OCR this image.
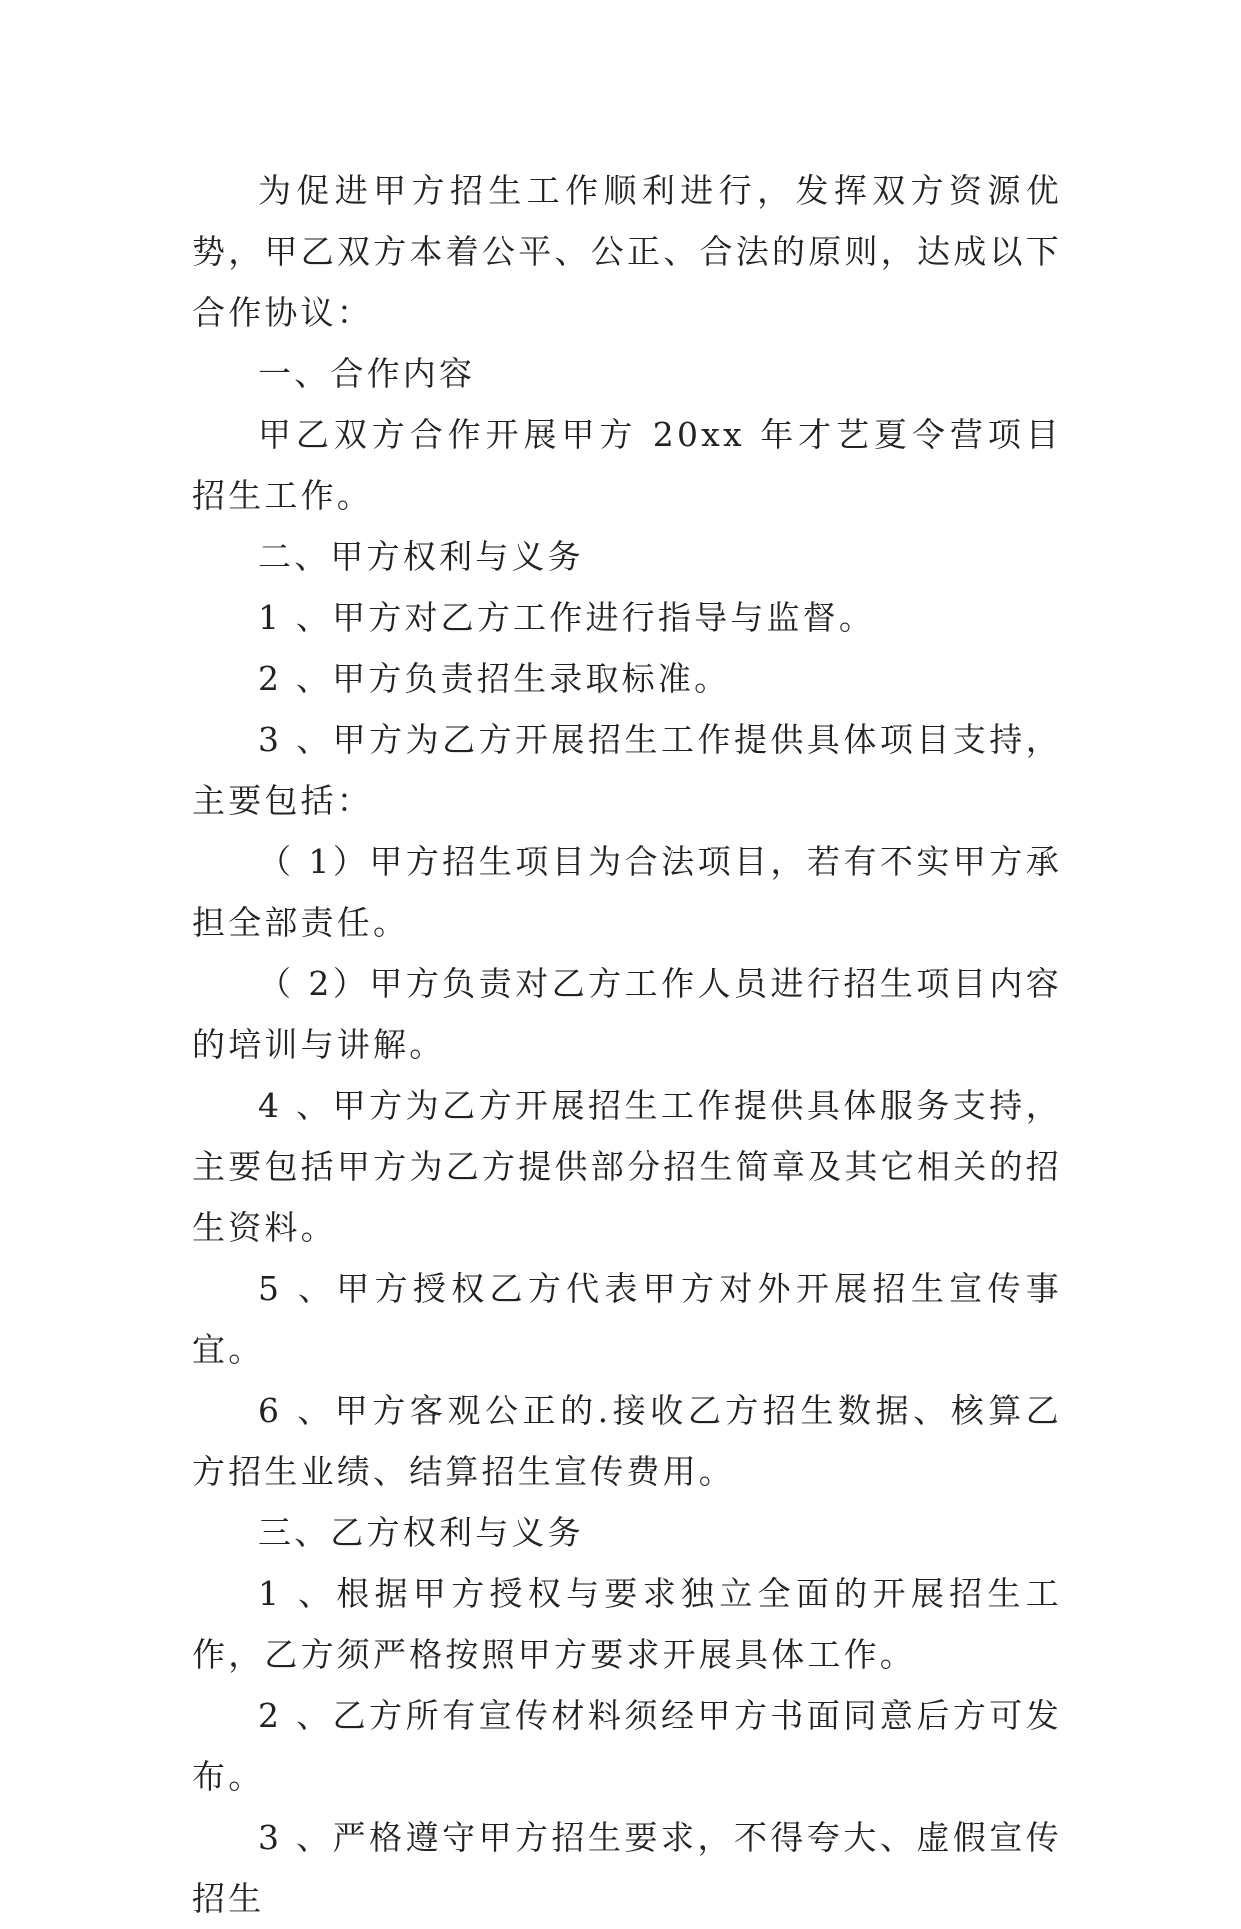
为促进甲方招生工作顺利进行，发挥双方资源优势，甲乙双方本着公平、公正、合法的原则，达成以下合作协议：

一、合作内容

甲乙双方合作开展甲方 20xx 年才艺夏令营项目招生工作。

二、甲方权利与义务

1 、甲方对乙方工作进行指导与监督。

2 、甲方负责招生录取标准。

3 、甲方为乙方开展招生工作提供具体项目支持，主要包括：

（ 1）甲方招生项目为合法项目，若有不实甲方承担全部责任。

（ 2）甲方负责对乙方工作人员进行招生项目内容的培训与讲解。

4 、甲方为乙方开展招生工作提供具体服务支持，主要包括甲方为乙方提供部分招生简章及其它相关的招生资料。

5 、甲方授权乙方代表甲方对外开展招生宣传事宜。

6 、甲方客观公正的.接收乙方招生数据、核算乙方招生业绩、结算招生宣传费用。

三、乙方权利与义务

1 、根据甲方授权与要求独立全面的开展招生工作，乙方须严格按照甲方要求开展具体工作。

2 、乙方所有宣传材料须经甲方书面同意后方可发布。

3 、严格遵守甲方招生要求，不得夸大、虚假宣传招生
